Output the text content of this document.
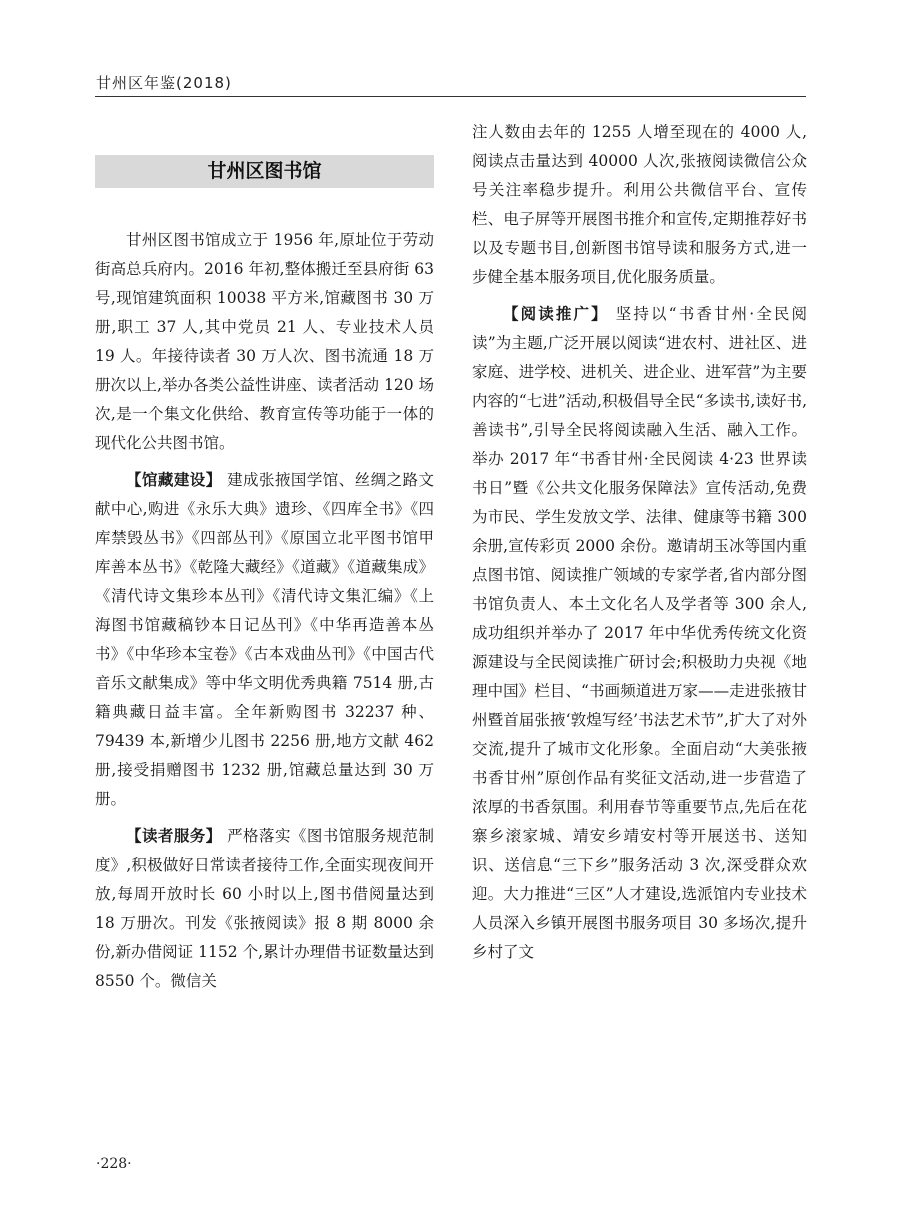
甘州区年鉴(2018)
甘州区图书馆

甘州区图书馆成立于 1956 年,原址位于劳动街高总兵府内。2016 年初,整体搬迁至县府街 63 号,现馆建筑面积 10038 平方米,馆藏图书 30 万册,职工 37 人,其中党员 21 人、专业技术人员 19 人。年接待读者 30 万人次、图书流通 18 万册次以上,举办各类公益性讲座、读者活动 120 场次,是一个集文化供给、教育宣传等功能于一体的现代化公共图书馆。

【馆藏建设】 建成张掖国学馆、丝绸之路文献中心,购进《永乐大典》遗珍、《四库全书》《四库禁毁丛书》《四部丛刊》《原国立北平图书馆甲库善本丛书》《乾隆大藏经》《道藏》《道藏集成》《清代诗文集珍本丛刊》《清代诗文集汇编》《上海图书馆藏稿钞本日记丛刊》《中华再造善本丛书》《中华珍本宝卷》《古本戏曲丛刊》《中国古代音乐文献集成》等中华文明优秀典籍 7514 册,古籍典藏日益丰富。全年新购图书 32237 种、79439 本,新增少儿图书 2256 册,地方文献 462 册,接受捐赠图书 1232 册,馆藏总量达到 30 万册。

【读者服务】 严格落实《图书馆服务规范制度》,积极做好日常读者接待工作,全面实现夜间开放,每周开放时长 60 小时以上,图书借阅量达到 18 万册次。刊发《张掖阅读》报 8 期 8000 余份,新办借阅证 1152 个,累计办理借书证数量达到 8550 个。微信关

注人数由去年的 1255 人增至现在的 4000 人,阅读点击量达到 40000 人次,张掖阅读微信公众号关注率稳步提升。利用公共微信平台、宣传栏、电子屏等开展图书推介和宣传,定期推荐好书以及专题书目,创新图书馆导读和服务方式,进一步健全基本服务项目,优化服务质量。

【阅读推广】 坚持以“书香甘州·全民阅读”为主题,广泛开展以阅读“进农村、进社区、进家庭、进学校、进机关、进企业、进军营”为主要内容的“七进”活动,积极倡导全民“多读书,读好书,善读书”,引导全民将阅读融入生活、融入工作。举办 2017 年“书香甘州·全民阅读 4·23 世界读书日”暨《公共文化服务保障法》宣传活动,免费为市民、学生发放文学、法律、健康等书籍 300 余册,宣传彩页 2000 余份。邀请胡玉冰等国内重点图书馆、阅读推广领域的专家学者,省内部分图书馆负责人、本土文化名人及学者等 300 余人,成功组织并举办了 2017 年中华优秀传统文化资源建设与全民阅读推广研讨会;积极助力央视《地理中国》栏目、“书画频道进万家——走进张掖甘州暨首届张掖‘敦煌写经’书法艺术节”,扩大了对外交流,提升了城市文化形象。全面启动“大美张掖书香甘州”原创作品有奖征文活动,进一步营造了浓厚的书香氛围。利用春节等重要节点,先后在花寨乡滚家城、靖安乡靖安村等开展送书、送知识、送信息“三下乡”服务活动 3 次,深受群众欢迎。大力推进“三区”人才建设,选派馆内专业技术人员深入乡镇开展图书服务项目 30 多场次,提升乡村了文

·228·
